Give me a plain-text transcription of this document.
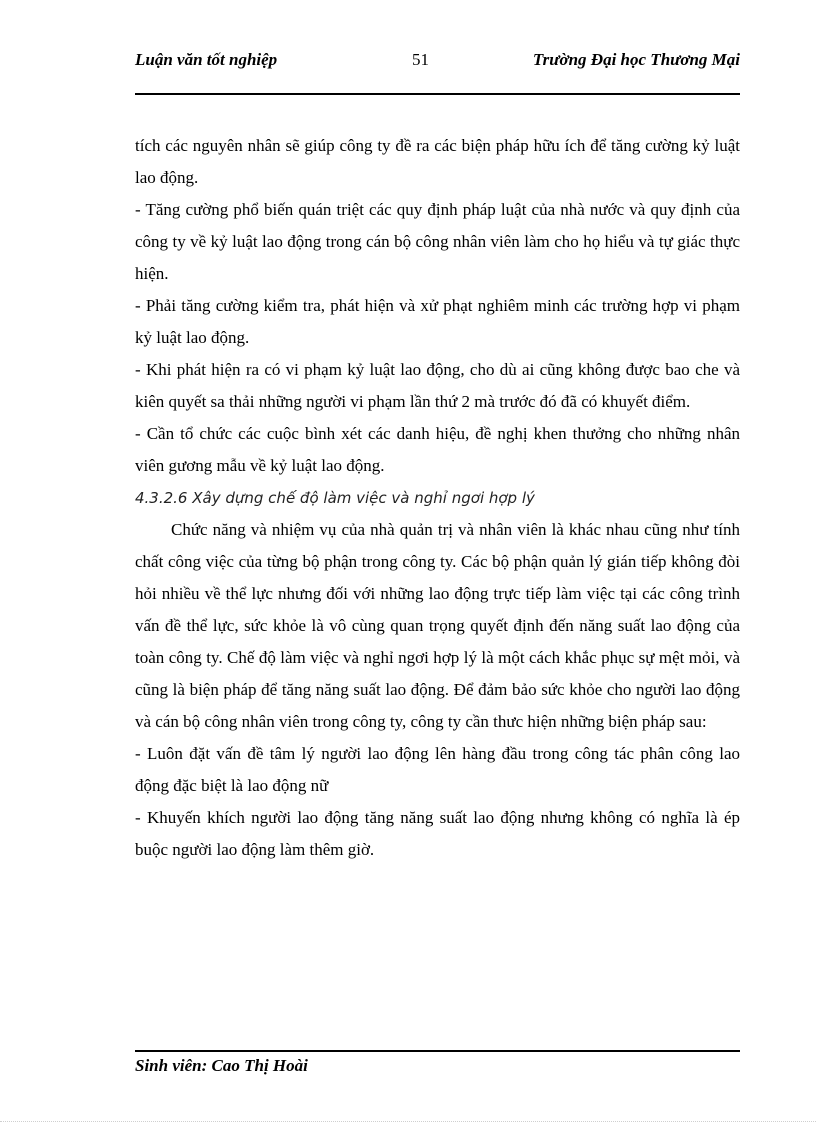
Luận văn tốt nghiệp	51	Trường Đại học Thương Mại

tích các nguyên nhân sẽ giúp công ty đề ra các biện pháp hữu ích để tăng cường kỷ luật lao động.

- Tăng cường phổ biến quán triệt các quy định pháp luật của nhà nước và quy định của công ty về kỷ luật lao động trong cán bộ công nhân viên làm cho họ hiểu và tự giác thực hiện.

- Phải tăng cường kiểm tra, phát hiện và xử phạt nghiêm minh các trường hợp vi phạm kỷ luật lao động.

- Khi phát hiện ra có vi phạm kỷ luật lao động, cho dù ai cũng không được bao che và kiên quyết sa thải những người vi phạm lần thứ 2 mà trước đó đã có khuyết điểm.

- Cần tổ chức các cuộc bình xét các danh hiệu, đề nghị khen thưởng cho những nhân viên gương mẫu về kỷ luật lao động.

4.3.2.6 Xây dựng chế độ làm việc và nghỉ ngơi hợp lý

Chức năng và nhiệm vụ của nhà quản trị và nhân viên là khác nhau cũng như tính chất công việc của từng bộ phận trong công ty. Các bộ phận quản lý gián tiếp không đòi hỏi nhiều về thể lực nhưng đối với những lao động trực tiếp làm việc tại các công trình vấn đề thể lực, sức khỏe là vô cùng quan trọng quyết định đến năng suất lao động của toàn công ty. Chế độ làm việc và nghỉ ngơi hợp lý là một cách khắc phục sự mệt mỏi, và cũng là biện pháp để tăng năng suất lao động. Để đảm bảo sức khỏe cho người lao động và cán bộ công nhân viên trong công ty, công ty cần thưc hiện những biện pháp sau:

- Luôn đặt vấn đề tâm lý người lao động lên hàng đầu trong công tác phân công lao động đặc biệt là lao động nữ

- Khuyến khích người lao động tăng năng suất lao động nhưng không có nghĩa là ép buộc người lao động làm thêm giờ.

Sinh viên: Cao Thị Hoài
